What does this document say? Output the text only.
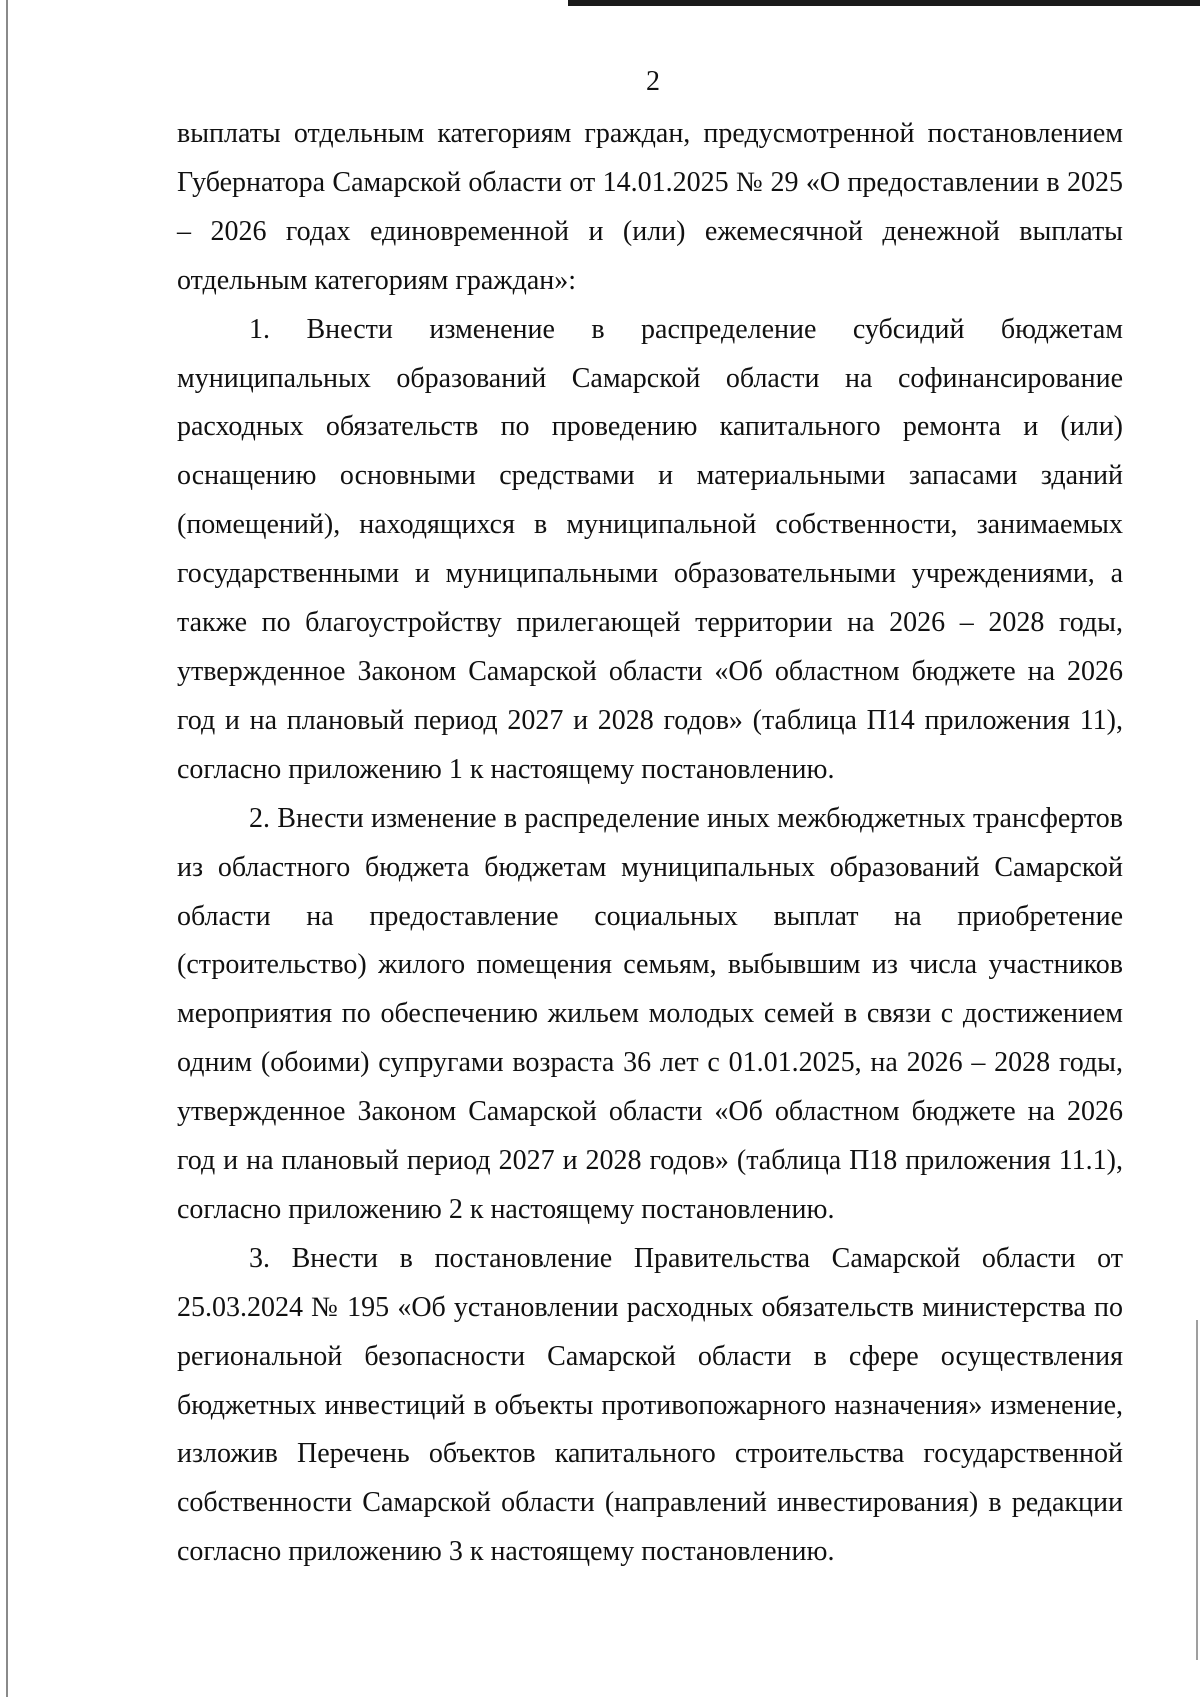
2

выплаты отдельным категориям граждан, предусмотренной постановлением Губернатора Самарской области от 14.01.2025 № 29 «О предоставлении в 2025 – 2026 годах единовременной и (или) ежемесячной денежной выплаты отдельным категориям граждан»:

1. Внести изменение в распределение субсидий бюджетам муниципальных образований Самарской области на софинансирование расходных обязательств по проведению капитального ремонта и (или) оснащению основными средствами и материальными запасами зданий (помещений), находящихся в муниципальной собственности, занимаемых государственными и муниципальными образовательными учреждениями, а также по благоустройству прилегающей территории на 2026 – 2028 годы, утвержденное Законом Самарской области «Об областном бюджете на 2026 год и на плановый период 2027 и 2028 годов» (таблица П14 приложения 11), согласно приложению 1 к настоящему постановлению.

2. Внести изменение в распределение иных межбюджетных трансфертов из областного бюджета бюджетам муниципальных образований Самарской области на предоставление социальных выплат на приобретение (строительство) жилого помещения семьям, выбывшим из числа участников мероприятия по обеспечению жильем молодых семей в связи с достижением одним (обоими) супругами возраста 36 лет с 01.01.2025, на 2026 – 2028 годы, утвержденное Законом Самарской области «Об областном бюджете на 2026 год и на плановый период 2027 и 2028 годов» (таблица П18 приложения 11.1), согласно приложению 2 к настоящему постановлению.

3. Внести в постановление Правительства Самарской области от 25.03.2024 № 195 «Об установлении расходных обязательств министерства по региональной безопасности Самарской области в сфере осуществления бюджетных инвестиций в объекты противопожарного назначения» изменение, изложив Перечень объектов капитального строительства государственной собственности Самарской области (направлений инвестирования) в редакции согласно приложению 3 к настоящему постановлению.
